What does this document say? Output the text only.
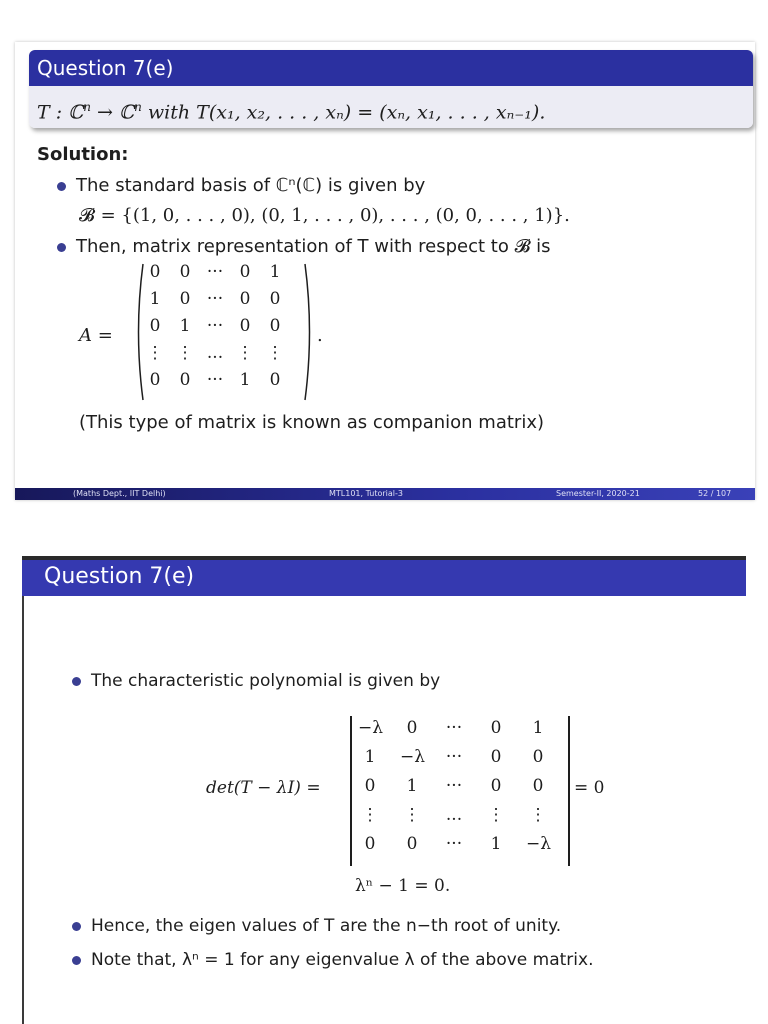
Question 7(e)
T : ℂ$^n$ → ℂ$^n$ with T(x₁, x₂, . . . , xₙ) = (xₙ, x₁, . . . , xₙ₋₁).
Solution:
The standard basis of ℂⁿ(ℂ) is given by
𝓑 = {(1, 0, . . . , 0), (0, 1, . . . , 0), . . . , (0, 0, . . . , 1)}.
Then, matrix representation of T with respect to 𝓑 is
A =
0	0 ··· 0	1
1	0 ··· 0	0
0	1 ··· 0	0
⋮ ⋮ ... ⋮ ⋮
0	0 ··· 1	0
.
(This type of matrix is known as companion matrix)
(Maths Dept., IIT Delhi)	MTL101, Tutorial-3	Semester-II, 2020-21	52 / 107
Question 7(e)
The characteristic polynomial is given by
det(T − λI) =
−λ	0	···	0	1
1	−λ ···	0	0
0	1	···	0	0
⋮ ⋮ ... ⋮ ⋮
0	0	···	1	−λ
= 0
λⁿ − 1 = 0.
Hence, the eigen values of T are the n−th root of unity.
Note that, λⁿ = 1 for any eigenvalue λ of the above matrix.
